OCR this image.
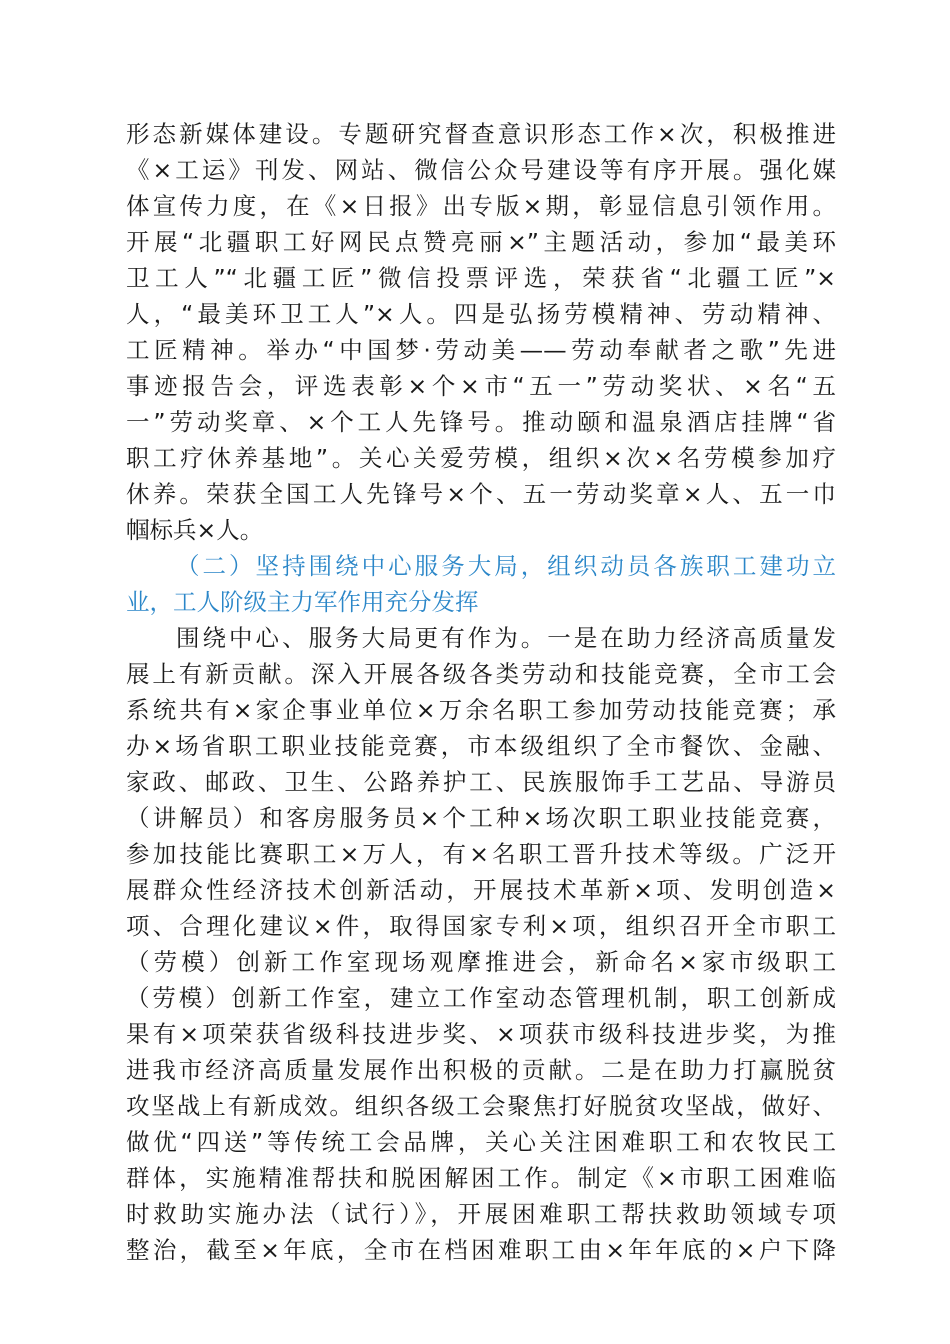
形态新媒体建设。专题研究督查意识形态工作×次，积极推进
《×工运》刊发、网站、微信公众号建设等有序开展。强化媒
体宣传力度，在《×日报》出专版×期，彰显信息引领作用。
开展“北疆职工好网民点赞亮丽×”主题活动，参加“最美环
卫工人”“北疆工匠”微信投票评选，荣获省“北疆工匠”×
人，“最美环卫工人”×人。四是弘扬劳模精神、劳动精神、
工匠精神。举办“中国梦·劳动美——劳动奉献者之歌”先进
事迹报告会，评选表彰×个×市“五一”劳动奖状、×名“五
一”劳动奖章、×个工人先锋号。推动颐和温泉酒店挂牌“省
职工疗休养基地”。关心关爱劳模，组织×次×名劳模参加疗
休养。荣获全国工人先锋号×个、五一劳动奖章×人、五一巾
帼标兵×人。
（二）坚持围绕中心服务大局，组织动员各族职工建功立
业，工人阶级主力军作用充分发挥
围绕中心、服务大局更有作为。一是在助力经济高质量发
展上有新贡献。深入开展各级各类劳动和技能竞赛，全市工会
系统共有×家企事业单位×万余名职工参加劳动技能竞赛；承
办×场省职工职业技能竞赛，市本级组织了全市餐饮、金融、
家政、邮政、卫生、公路养护工、民族服饰手工艺品、导游员
（讲解员）和客房服务员×个工种×场次职工职业技能竞赛，
参加技能比赛职工×万人，有×名职工晋升技术等级。广泛开
展群众性经济技术创新活动，开展技术革新×项、发明创造×
项、合理化建议×件，取得国家专利×项，组织召开全市职工
（劳模）创新工作室现场观摩推进会，新命名×家市级职工
（劳模）创新工作室，建立工作室动态管理机制，职工创新成
果有×项荣获省级科技进步奖、×项获市级科技进步奖，为推
进我市经济高质量发展作出积极的贡献。二是在助力打赢脱贫
攻坚战上有新成效。组织各级工会聚焦打好脱贫攻坚战，做好、
做优“四送”等传统工会品牌，关心关注困难职工和农牧民工
群体，实施精准帮扶和脱困解困工作。制定《×市职工困难临
时救助实施办法（试行）》，开展困难职工帮扶救助领域专项
整治，截至×年底，全市在档困难职工由×年年底的×户下降
